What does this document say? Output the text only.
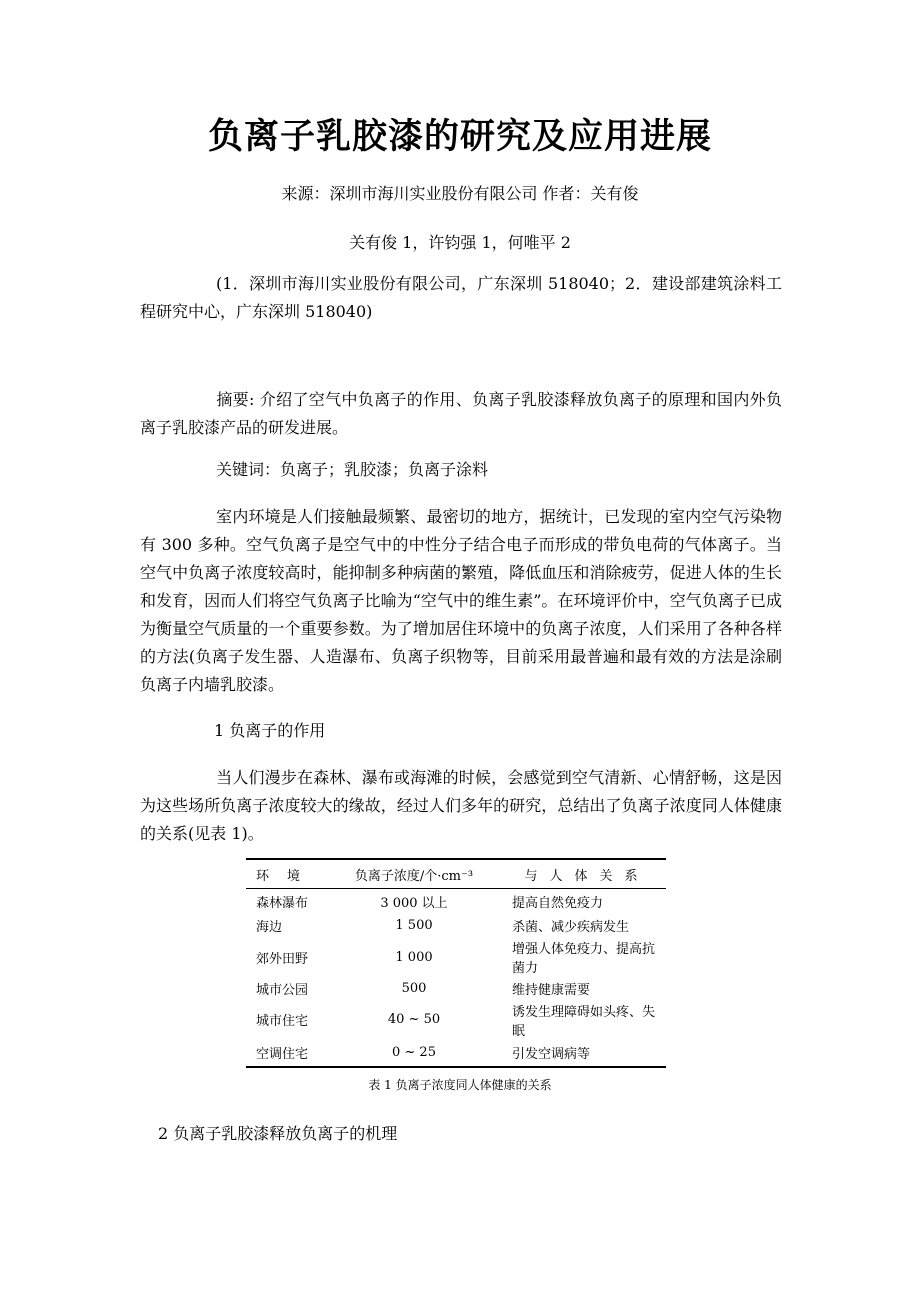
负离子乳胶漆的研究及应用进展
来源：深圳市海川实业股份有限公司 作者：关有俊
关有俊 1，许钧强 1，何唯平 2
(1．深圳市海川实业股份有限公司，广东深圳 518040；2．建设部建筑涂料工程研究中心，广东深圳 518040)
摘要: 介绍了空气中负离子的作用、负离子乳胶漆释放负离子的原理和国内外负离子乳胶漆产品的研发进展。
关键词：负离子；乳胶漆；负离子涂料
室内环境是人们接触最频繁、最密切的地方，据统计，已发现的室内空气污染物有 300 多种。空气负离子是空气中的中性分子结合电子而形成的带负电荷的气体离子。当空气中负离子浓度较高时，能抑制多种病菌的繁殖，降低血压和消除疲劳，促进人体的生长和发育，因而人们将空气负离子比喻为“空气中的维生素”。在环境评价中，空气负离子已成为衡量空气质量的一个重要参数。为了增加居住环境中的负离子浓度，人们采用了各种各样的方法(负离子发生器、人造瀑布、负离子织物等，目前采用最普遍和最有效的方法是涂刷负离子内墙乳胶漆。
1 负离子的作用
当人们漫步在森林、瀑布或海滩的时候，会感觉到空气清新、心情舒畅，这是因为这些场所负离子浓度较大的缘故，经过人们多年的研究，总结出了负离子浓度同人体健康的关系(见表 1)。
环境	负离子浓度/个·cm⁻³	与人体关系
森林瀑布	3 000 以上	提高自然免疫力
海边	1 500	杀菌、减少疾病发生
郊外田野	1 000	增强人体免疫力、提高抗菌力
城市公园	500	维持健康需要
城市住宅	40 ~ 50	诱发生理障碍如头疼、失眠
空调住宅	0 ~ 25	引发空调病等
表 1 负离子浓度同人体健康的关系
2 负离子乳胶漆释放负离子的机理
